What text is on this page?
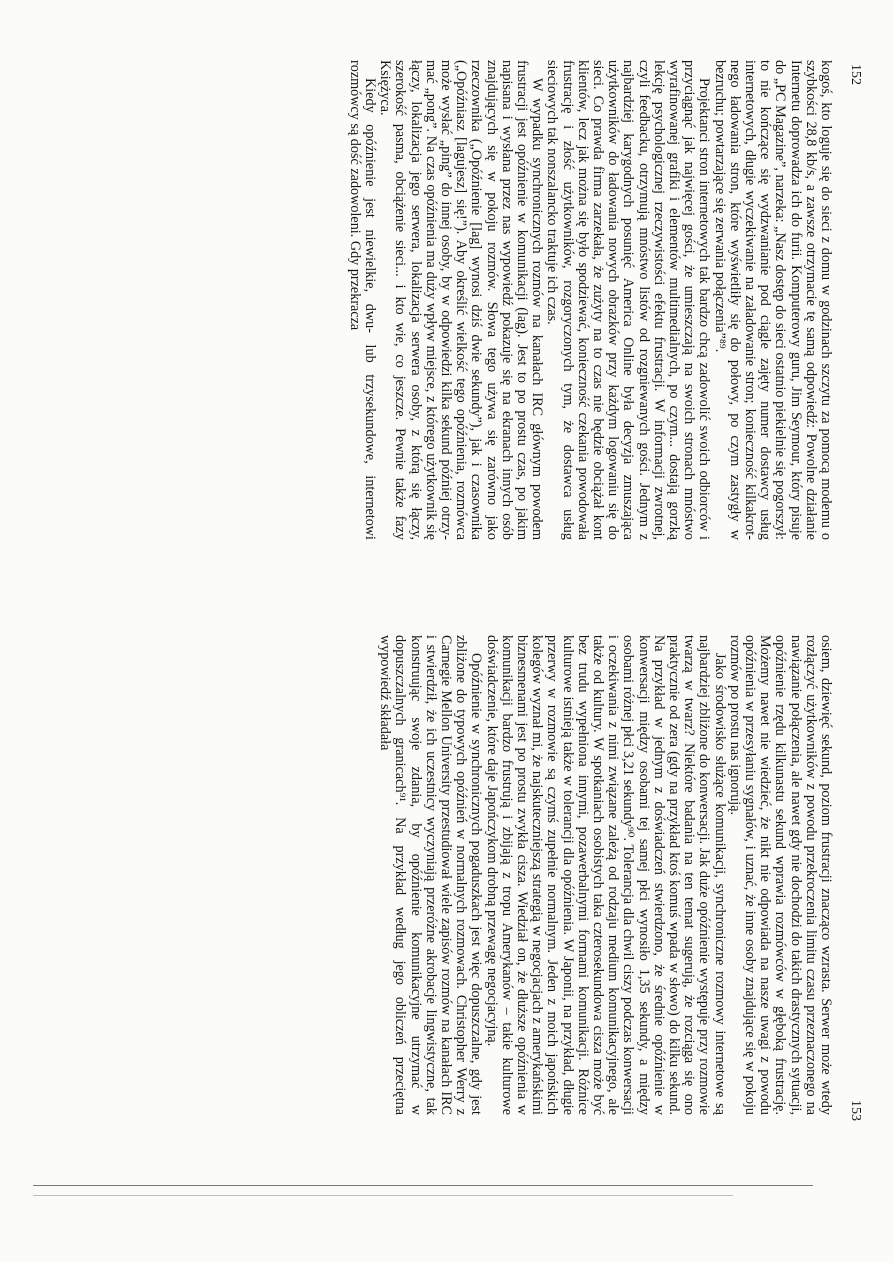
152

kogoś, kto loguje się do sieci z domu w godzinach szczytu za pomocą modemu o szybkości 28,8 kb/s, a zawsze otrzymacie tę samą odpowiedź: Powolne działanie Internetu doprowadza ich do furii. Komputerowy guru, Jim Seymour, który pisuje do „PC Magazine”, narzeka: „Nasz dostęp do sieci ostatnio piekielnie się pogorszył: to nie kończące się wydzwanianie pod ciągle zajęty numer dostawcy usług internetowych, długie wyczekiwanie na załadowanie stron; konieczność kilkakrotnego ładowania stron, które wyświetliły się do połowy, po czym zastygły w bezruchu; powtarzające się zerwania połączenia”⁸⁹.

Projektanci stron internetowych tak bardzo chcą zadowolić swoich odbiorców i przyciągnąć jak najwięcej gości, że umieszczają na swoich stronach mnóstwo wyrafinowanej grafiki i elementów multimedialnych, po czym... dostają gorzką lekcję psychologicznej rzeczywistości efektu frustracji. W informacji zwrotnej, czyli feedbacku, otrzymują mnóstwo listów od rozgniewanych gości. Jednym z najbardziej karygodnych posunięć America Online była decyzja zmuszająca użytkowników do ładowania nowych obrazków przy każdym logowaniu się do sieci. Co prawda firma zarzekała, że zużyty na to czas nie będzie obciążał kont klientów, lecz jak można się było spodziewać, konieczność czekania powodowała frustrację i złość użytkowników, rozgoryczonych tym, że dostawca usług sieciowych tak nonszalancko traktuje ich czas.

W wypadku synchronicznych rozmów na kanałach IRC głównym powodem frustracji jest opóźnienie w komunikacji (lag). Jest to po prostu czas, po jakim napisana i wysłana przez nas wypowiedź pokazuje się na ekranach innych osób znajdujących się w pokoju rozmów. Słowa tego używa się zarówno jako rzeczownika („Opóźnienie [lag] wynosi dziś dwie sekundy”), jak i czasownika („Opóźniasz [lagujesz] się!”). Aby określić wielkość tego opóźnienia, rozmówca może wysłać „ping” do innej osoby, by w odpowiedzi kilka sekund później otrzymać „pong”. Na czas opóźnienia ma duży wpływ miejsce, z którego użytkownik się łączy, lokalizacja jego serwera, lokalizacja serwera osoby, z którą się łączy, szerokość pasma, obciążenie sieci... i kto wie, co jeszcze. Pewnie także fazy Księżyca.

Kiedy opóźnienie jest niewielkie, dwu- lub trzysekundowe, internetowi rozmówcy są dość zadowoleni. Gdy przekracza

153

osiem, dziewięć sekund, poziom frustracji znacząco wzrasta. Serwer może wtedy rozłączyć użytkowników z powodu przekroczenia limitu czasu przeznaczonego na nawiązanie połączenia, ale nawet gdy nie dochodzi do takich drastycznych sytuacji, opóźnienie rzędu kilkunastu sekund wprawia rozmówców w głęboką frustrację. Możemy nawet nie wiedzieć, że nikt nie odpowiada na nasze uwagi z powodu opóźnienia w przesyłaniu sygnałów, i uznać, że inne osoby znajdujące się w pokoju rozmów po prostu nas ignorują.

Jako środowisko służące komunikacji, synchroniczne rozmowy internetowe są najbardziej zbliżone do konwersacji. Jak duże opóźnienie występuje przy rozmowie twarzą w twarz? Niektóre badania na ten temat sugerują, że rozciąga się ono praktycznie od zera (gdy na przykład ktoś komuś wpada w słowo) do kilku sekund. Na przykład w jednym z doświadczeń stwierdzono, że średnie opóźnienie w konwersacji między osobami tej samej płci wynosiło 1,35 sekundy, a między osobami różnej płci 3,21 sekundy⁹⁰. Tolerancja dla chwil ciszy podczas konwersacji i oczekiwania z nimi związane zależą od rodzaju medium komunikacyjnego, ale także od kultury. W spotkaniach osobistych taka czterosekundowa cisza może być bez trudu wypełniona innymi, pozawerbalnymi formami komunikacji. Różnice kulturowe istnieją także w tolerancji dla opóźnienia. W Japonii, na przykład, długie przerwy w rozmowie są czymś zupełnie normalnym. Jeden z moich japońskich kolegów wyznał mi, że najskuteczniejszą strategią w negocjacjach z amerykańskimi biznesmenami jest po prostu zwykła cisza. Wiedział on, że dłuższe opóźnienia w komunikacji bardzo frustrują i zbijają z tropu Amerykanów – takie kulturowe doświadczenie, które daje Japończykom drobną przewagę negocjacyjną.

Opóźnienie w synchronicznych pogaduszkach jest więc dopuszczalne, gdy jest zbliżone do typowych opóźnień w normalnych rozmowach. Christopher Werry z Carnegie Mellon University przestudiował wiele zapisów rozmów na kanałach IRC i stwierdził, że ich uczestnicy wyczyniają przeróżne akrobacje lingwistyczne, tak konstruując swoje zdania, by opóźnienie komunikacyjne utrzymać w dopuszczalnych granicach⁹¹. Na przykład według jego obliczeń przeciętna wypowiedź składała
